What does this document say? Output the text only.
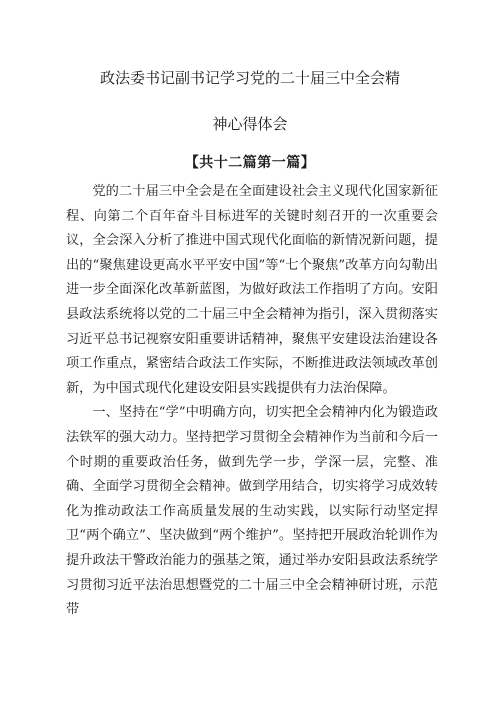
政法委书记副书记学习党的二十届三中全会精
神心得体会
【共十二篇第一篇】

党的二十届三中全会是在全面建设社会主义现代化国家新征程、向第二个百年奋斗目标进军的关键时刻召开的一次重要会议，全会深入分析了推进中国式现代化面临的新情况新问题，提出的“聚焦建设更高水平平安中国”等“七个聚焦”改革方向勾勒出进一步全面深化改革新蓝图，为做好政法工作指明了方向。安阳县政法系统将以党的二十届三中全会精神为指引，深入贯彻落实习近平总书记视察安阳重要讲话精神，聚焦平安建设法治建设各项工作重点，紧密结合政法工作实际，不断推进政法领域改革创新，为中国式现代化建设安阳县实践提供有力法治保障。

一、坚持在“学”中明确方向，切实把全会精神内化为锻造政法铁军的强大动力。坚持把学习贯彻全会精神作为当前和今后一个时期的重要政治任务，做到先学一步，学深一层，完整、准确、全面学习贯彻全会精神。做到学用结合，切实将学习成效转化为推动政法工作高质量发展的生动实践，以实际行动坚定捍卫“两个确立”、坚决做到“两个维护”。坚持把开展政治轮训作为提升政法干警政治能力的强基之策，通过举办安阳县政法系统学习贯彻习近平法治思想暨党的二十届三中全会精神研讨班，示范带
